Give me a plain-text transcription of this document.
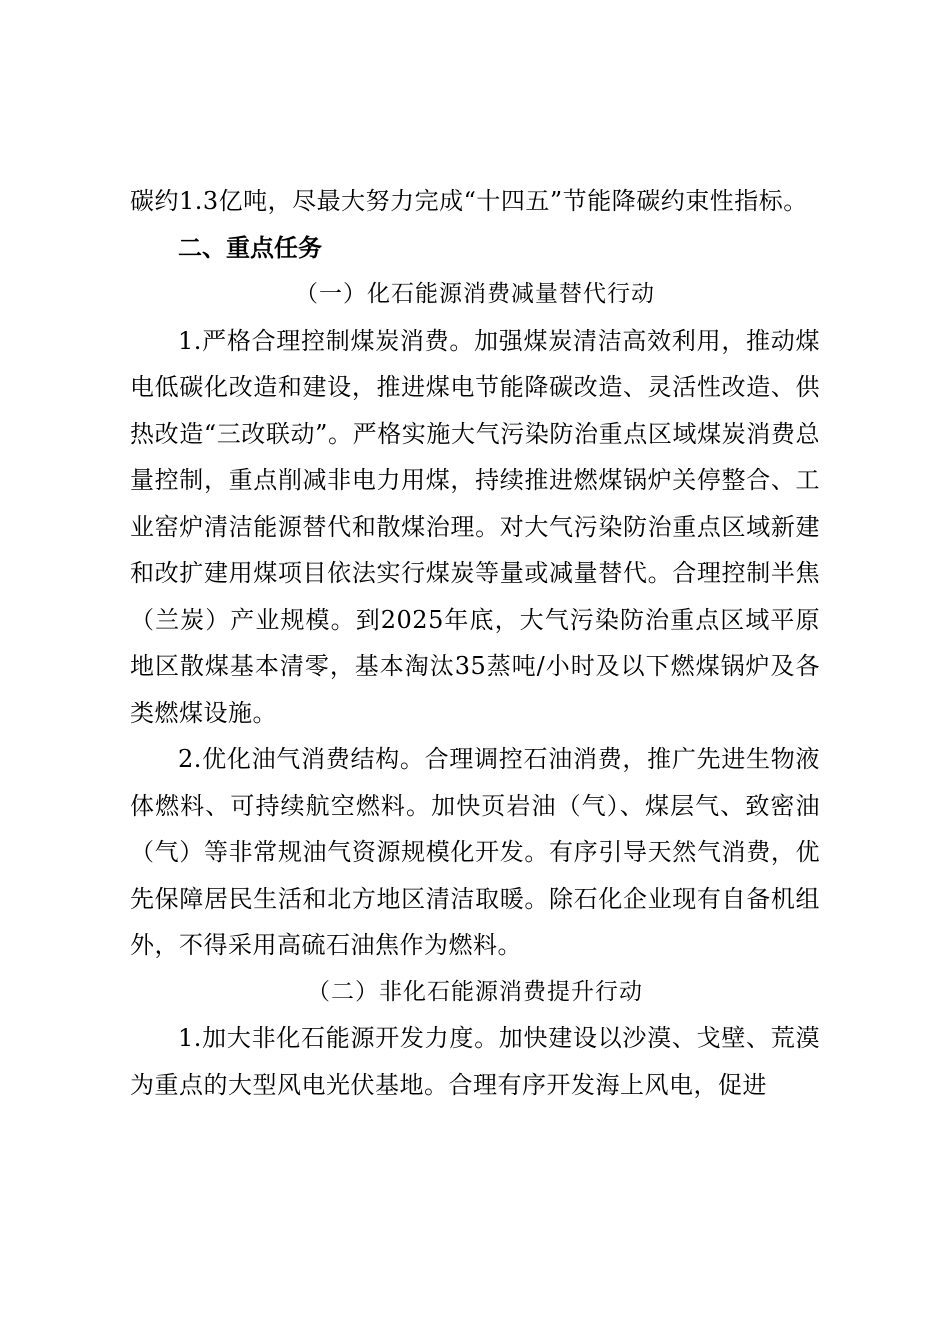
碳约1.3亿吨，尽最大努力完成“十四五”节能降碳约束性指标。

二、重点任务

（一）化石能源消费减量替代行动

1.严格合理控制煤炭消费。加强煤炭清洁高效利用，推动煤电低碳化改造和建设，推进煤电节能降碳改造、灵活性改造、供热改造“三改联动”。严格实施大气污染防治重点区域煤炭消费总量控制，重点削减非电力用煤，持续推进燃煤锅炉关停整合、工业窑炉清洁能源替代和散煤治理。对大气污染防治重点区域新建和改扩建用煤项目依法实行煤炭等量或减量替代。合理控制半焦（兰炭）产业规模。到2025年底，大气污染防治重点区域平原地区散煤基本清零，基本淘汰35蒸吨/小时及以下燃煤锅炉及各类燃煤设施。

2.优化油气消费结构。合理调控石油消费，推广先进生物液体燃料、可持续航空燃料。加快页岩油（气）、煤层气、致密油（气）等非常规油气资源规模化开发。有序引导天然气消费，优先保障居民生活和北方地区清洁取暖。除石化企业现有自备机组外，不得采用高硫石油焦作为燃料。

（二）非化石能源消费提升行动

1.加大非化石能源开发力度。加快建设以沙漠、戈壁、荒漠为重点的大型风电光伏基地。合理有序开发海上风电，促进
